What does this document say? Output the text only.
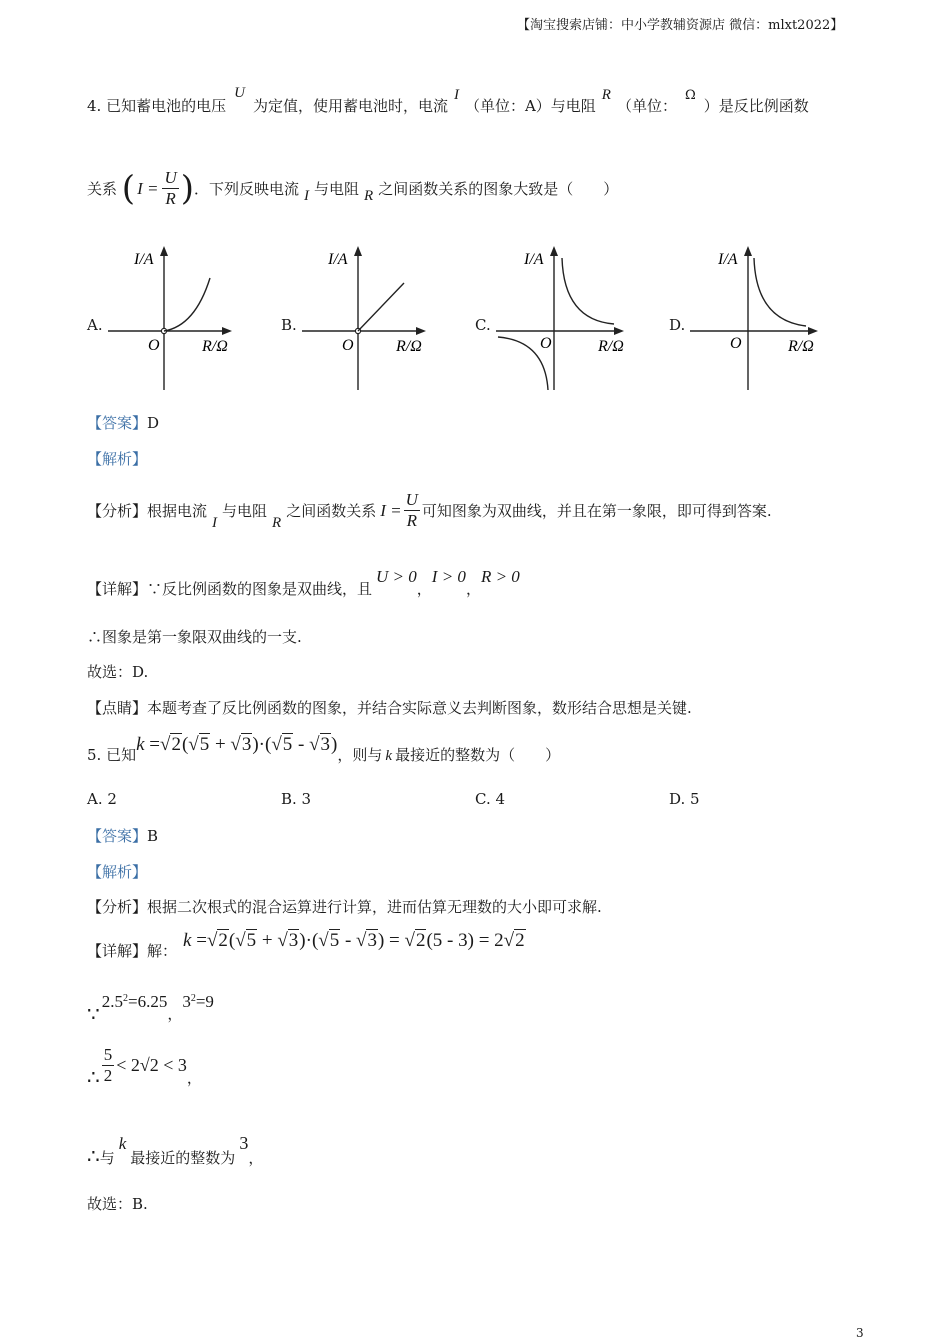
【淘宝搜索店铺：中小学教辅资源店 微信：mlxt2022】
4. 已知蓄电池的电压U为定值，使用蓄电池时，电流I（单位：A）与电阻R（单位：Ω）是反比例函数
关系 ( $I = \frac{U}{R}$ )．下列反映电流 I 与电阻 R 之间函数关系的图象大致是（　　）
A.
I/A
O	R/Ω
B.
I/A
O	R/Ω
C.
I/A
O	R/Ω
D.
I/A
O	R/Ω
【答案】D
【解析】
【分析】根据电流I与电阻R之间函数关系 $I = \frac{U}{R}$ 可知图象为双曲线，并且在第一象限，即可得到答案.
【详解】∵反比例函数的图象是双曲线，且U > 0，I > 0，R > 0
∴图象是第一象限双曲线的一支.
故选：D.
【点睛】本题考查了反比例函数的图象，并结合实际意义去判断图象，数形结合思想是关键.
5. 已知k =√2(√5 + √3)·(√5 - √3)，则与 k 最接近的整数为（　　）
A. 2	B. 3	C. 4	D. 5
【答案】B
【解析】
【分析】根据二次根式的混合运算进行计算，进而估算无理数的大小即可求解.
【详解】解： k =√2(√5 + √3)·(√5 - √3) = √2(5 - 3) = 2√2
$\because 2.5^2=6.25$，$3^2=9$
∴ $\frac{5}{2} < 2√2 < 3$，
∴与k最接近的整数为3，
故选：B.
3
